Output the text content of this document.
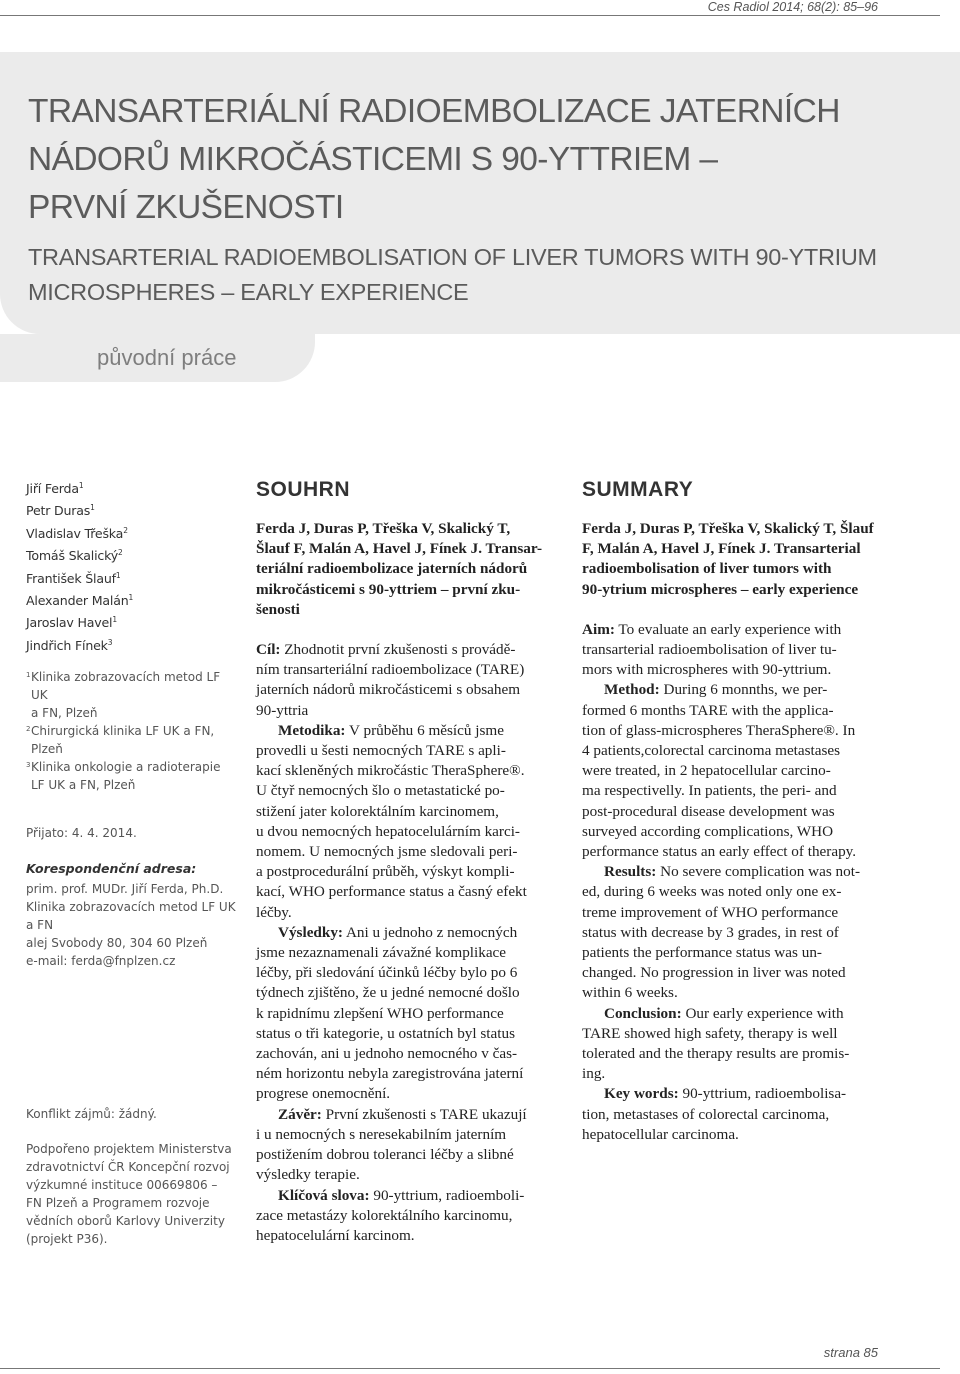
Ces Radiol 2014; 68(2): 85–96
TRANSARTERIÁLNÍ RADIOEMBOLIZACE JATERNÍCH
NÁDORŮ MIKROČÁSTICEMI S 90-YTTRIEM –
PRVNÍ ZKUŠENOSTI
TRANSARTERIAL RADIOEMBOLISATION OF LIVER TUMORS WITH 90-YTRIUM
MICROSPHERES – EARLY EXPERIENCE
původní práce
Jiří Ferda$^1$
Petr Duras$^1$
Vladislav Třeška$^2$
Tomáš Skalický$^2$
František Šlauf$^1$
Alexander Malán$^1$
Jaroslav Havel$^1$
Jindřich Fínek$^3$
1 Klinika zobrazovacích metod LF UK
a FN, Plzeň
2 Chirurgická klinika LF UK a FN,
Plzeň
3 Klinika onkologie a radioterapie
LF UK a FN, Plzeň
Přijato: 4. 4. 2014.
Korespondenční adresa:
prim. prof. MUDr. Jiří Ferda, Ph.D.
Klinika zobrazovacích metod LF UK
a FN
alej Svobody 80, 304 60 Plzeň
e-mail: ferda@fnplzen.cz
Konflikt zájmů: žádný.
Podpořeno projektem Ministerstva
zdravotnictví ČR Koncepční rozvoj
výzkumné instituce 00669806 –
FN Plzeň a Programem rozvoje
vědních oborů Karlovy Univerzity
(projekt P36).
SOUHRN
Ferda J, Duras P, Třeška V, Skalický T,
Šlauf F, Malán A, Havel J, Fínek J. Transar-
teriální radioembolizace jaterních nádorů
mikročásticemi s 90-yttriem – první zku-
šenosti
Cíl: Zhodnotit první zkušenosti s provádě-
ním transarteriální radioembolizace (TARE)
jaterních nádorů mikročásticemi s obsahem
90-yttria
Metodika: V průběhu 6 měsíců jsme
provedli u šesti nemocných TARE s apli-
kací skleněných mikročástic TheraSphere®.
U čtyř nemocných šlo o metastatické po-
stižení jater kolorektálním karcinomem,
u dvou nemocných hepatocelulárním karci-
nomem. U nemocných jsme sledovali peri-
a postprocedurální průběh, výskyt kompli-
kací, WHO performance status a časný efekt
léčby.
Výsledky: Ani u jednoho z nemocných
jsme nezaznamenali závažné komplikace
léčby, při sledování účinků léčby bylo po 6
týdnech zjištěno, že u jedné nemocné došlo
k rapidnímu zlepšení WHO performance
status o tři kategorie, u ostatních byl status
zachován, ani u jednoho nemocného v čas-
ném horizontu nebyla zaregistrována jaterní
progrese onemocnění.
Závěr: První zkušenosti s TARE ukazují
i u nemocných s neresekabilním jaterním
postižením dobrou toleranci léčby a slibné
výsledky terapie.
Klíčová slova: 90-yttrium, radioemboli-
zace metastázy kolorektálního karcinomu,
hepatocelulární karcinom.
SUMMARY
Ferda J, Duras P, Třeška V, Skalický T, Šlauf
F, Malán A, Havel J, Fínek J. Transarterial
radioembolisation of liver tumors with
90-ytrium microspheres – early experience
Aim: To evaluate an early experience with
transarterial radioembolisation of liver tu-
mors with microspheres with 90-yttrium.
Method: During 6 monnths, we per-
formed 6 months TARE with the applica-
tion of glass-microspheres TheraSphere®. In
4 patients,colorectal carcinoma metastases
were treated, in 2 hepatocellular carcino-
ma respectivelly. In patients, the peri- and
post-procedural disease development was
surveyed according complications, WHO
performance status an early effect of therapy.
Results: No severe complication was not-
ed, during 6 weeks was noted only one ex-
treme improvement of WHO performance
status with decrease by 3 grades, in rest of
patients the performance status was un-
changed. No progression in liver was noted
within 6 weeks.
Conclusion: Our early experience with
TARE showed high safety, therapy is well
tolerated and the therapy results are promis-
ing.
Key words: 90-yttrium, radioembolisa-
tion, metastases of colorectal carcinoma,
hepatocellular carcinoma.
strana 85
